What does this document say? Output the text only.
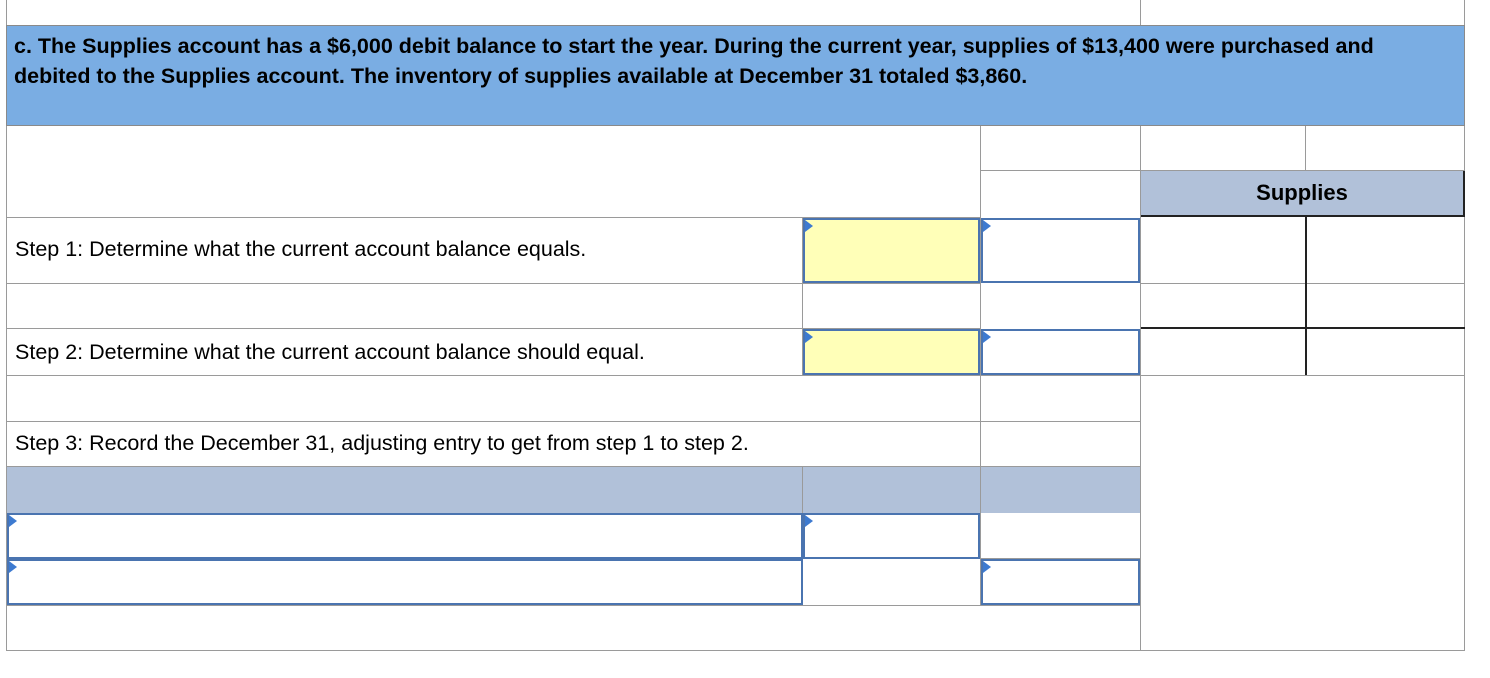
c. The Supplies account has a $6,000 debit balance to start the year. During the current year, supplies of $13,400 were purchased and debited to the Supplies account. The inventory of supplies available at December 31 totaled $3,860.
Supplies
Step 1: Determine what the current account balance equals.
Step 2: Determine what the current account balance should equal.
Step 3: Record the December 31, adjusting entry to get from step 1 to step 2.
